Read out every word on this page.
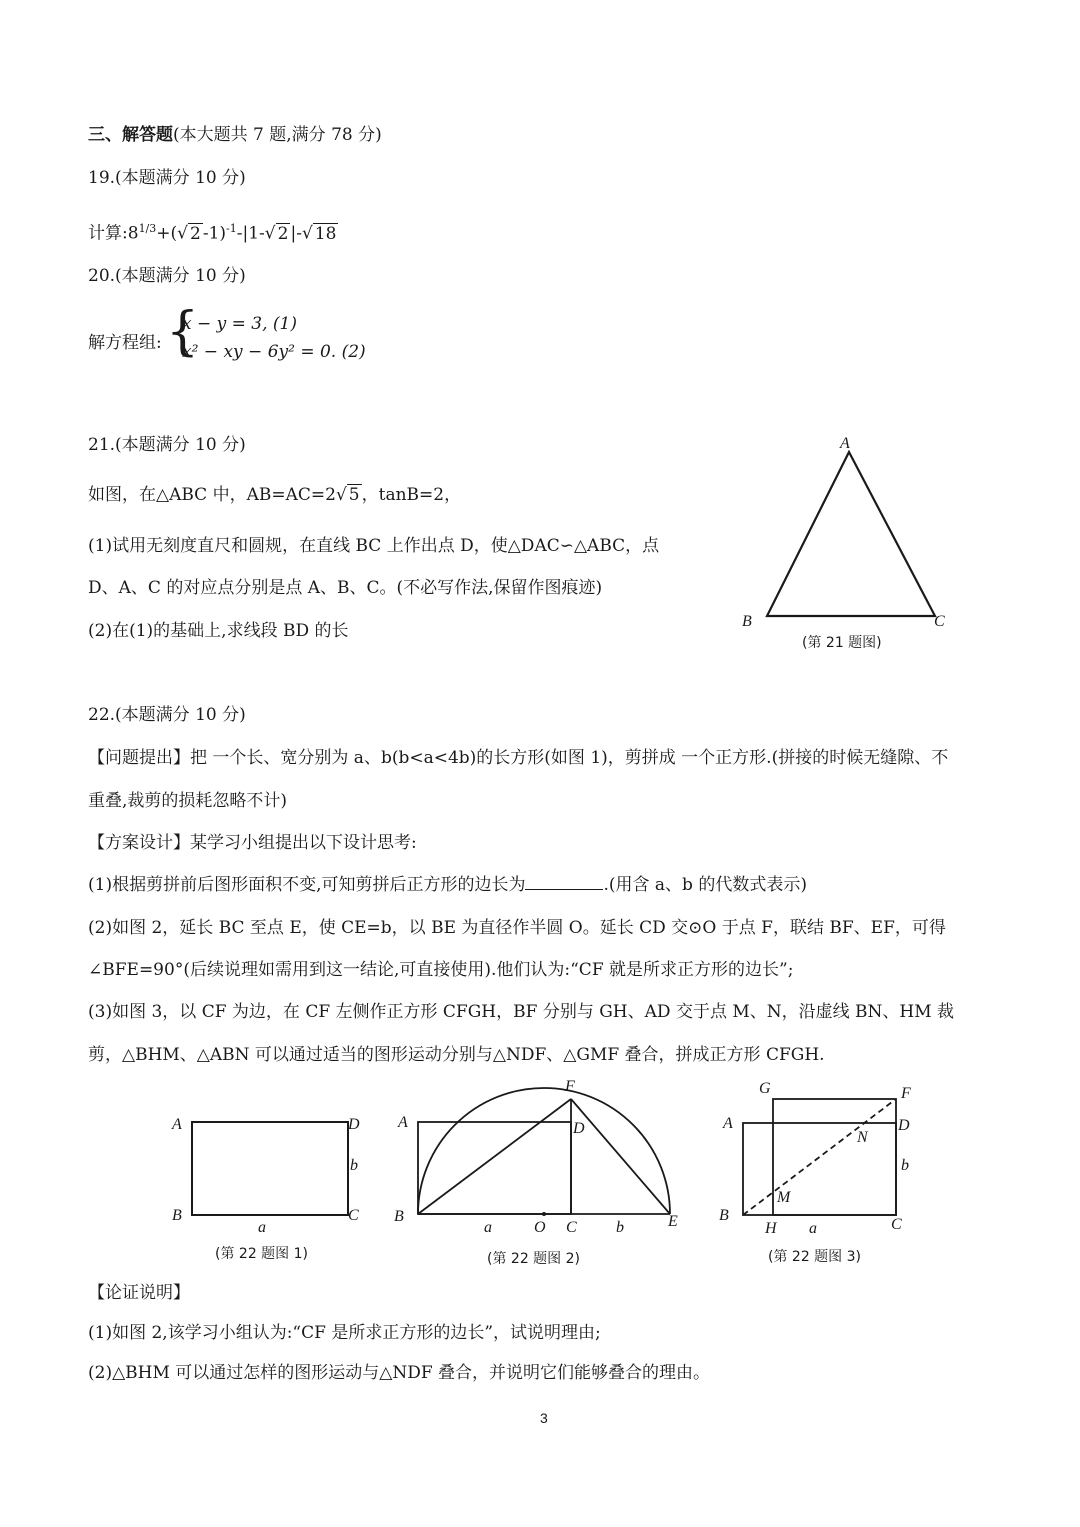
三、解答题(本大题共 7 题,满分 78 分)
19.(本题满分 10 分)
计算$:8^{1/3}+(√$ 2 -1)$^{-1}$-|1-√ 2 |-√ 18
20.(本题满分 10 分)
解方程组: {
x − y = 3, (1)
x² − xy − 6y² = 0. (2)
21.(本题满分 10 分)
如图，在△ABC 中，AB=AC=2√ 5 ，tanB=2，
(1)试用无刻度直尺和圆规，在直线 BC 上作出点 D，使△DAC∽△ABC，点
D、A、C 的对应点分别是点 A、B、C。(不必写作法,保留作图痕迹)
(2)在(1)的基础上,求线段 BD 的长
A
B	C
(第 21 题图)
22.(本题满分 10 分)
【问题提出】把 一个长、宽分别为 a、b(b<a<4b)的长方形(如图 1)，剪拼成 一个正方形.(拼接的时候无缝隙、不
重叠,裁剪的损耗忽略不计)
【方案设计】某学习小组提出以下设计思考:
(1)根据剪拼前后图形面积不变,可知剪拼后正方形的边长为	.(用含 a、b 的代数式表示)
(2)如图 2，延长 BC 至点 E，使 CE=b，以 BE 为直径作半圆 O。延长 CD 交⊙O 于点 F，联结 BF、EF，可得
∠BFE=90°(后续说理如需用到这一结论,可直接使用).他们认为:“CF 就是所求正方形的边长”;
(3)如图 3，以 CF 为边，在 CF 左侧作正方形 CFGH，BF 分别与 GH、AD 交于点 M、N，沿虚线 BN、HM 裁
剪，△BHM、△ABN 可以通过适当的图形运动分别与△NDF、△GMF 叠合，拼成正方形 CFGH.
A	D
B	C
a
b
(第 22 题图 1)
F
A	D
B
a	O C b	E
(第 22 题图 2)
G	F
A
N
D
b
M
B
H a	C
(第 22 题图 3)
【论证说明】
(1)如图 2,该学习小组认为:“CF 是所求正方形的边长”，试说明理由;
(2)△BHM 可以通过怎样的图形运动与△NDF 叠合，并说明它们能够叠合的理由。
3
